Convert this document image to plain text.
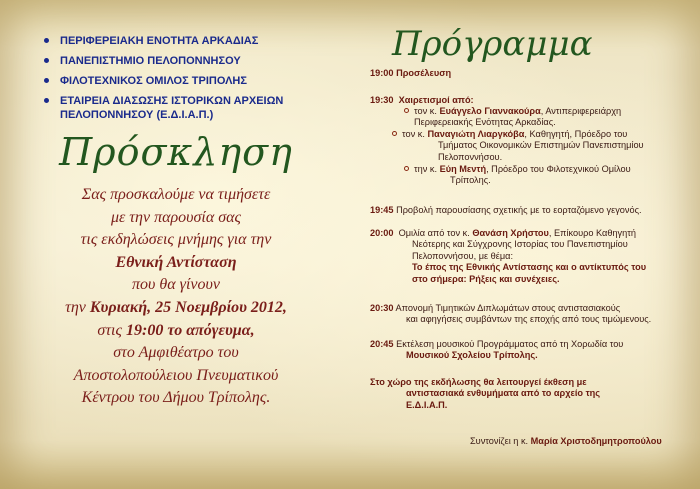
ΠΕΡΙΦΕΡΕΙΑΚΗ ΕΝΟΤΗΤΑ ΑΡΚΑΔΙΑΣ
ΠΑΝΕΠΙΣΤΗΜΙΟ ΠΕΛΟΠΟΝΝΗΣΟΥ
ΦΙΛΟΤΕΧΝΙΚΟΣ ΟΜΙΛΟΣ ΤΡΙΠΟΛΗΣ
ΕΤΑΙΡΕΙΑ ΔΙΑΣΩΣΗΣ ΙΣΤΟΡΙΚΩΝ ΑΡΧΕΙΩΝ
ΠΕΛΟΠΟΝΝΗΣΟΥ (Ε.Δ.Ι.Α.Π.)
Πρόσκληση
Σας προσκαλούμε να τιμήσετε
με την παρουσία σας
τις εκδηλώσεις μνήμης για την
Εθνική Αντίσταση
που θα γίνουν
την Κυριακή, 25 Νοεμβρίου 2012,
στις 19:00 το απόγευμα,
στο Αμφιθέατρο του
Αποστολοπούλειου Πνευματικού
Κέντρου του Δήμου Τρίπολης.
Πρόγραμμα
19:00 Προσέλευση
19:30 Χαιρετισμοί από:
τον κ. Ευάγγελο Γιαννακούρα, Αντιπεριφερειάρχη
Περιφερειακής Ενότητας Αρκαδίας.
τον κ. Παναγιώτη Λιαργκόβα, Καθηγητή, Πρόεδρο του
Τμήματος Οικονομικών Επιστημών Πανεπιστημίου
Πελοποννήσου.
την κ. Εύη Μεντή, Πρόεδρο του Φιλοτεχνικού Ομίλου
Τρίπολης.
19:45 Προβολή παρουσίασης σχετικής με το εορταζόμενο γεγονός.
20:00 Ομιλία από τον κ. Θανάση Χρήστου, Επίκουρο Καθηγητή
Νεότερης και Σύγχρονης Ιστορίας του Πανεπιστημίου
Πελοποννήσου, με θέμα:
Το έπος της Εθνικής Αντίστασης και ο αντίκτυπός του
στο σήμερα: Ρήξεις και συνέχειες.
20:30 Απονομή Τιμητικών Διπλωμάτων στους αντιστασιακούς
και αφηγήσεις συμβάντων της εποχής από τους τιμώμενους.
20:45 Εκτέλεση μουσικού Προγράμματος από τη Χορωδία του
Μουσικού Σχολείου Τρίπολης.
Στο χώρο της εκδήλωσης θα λειτουργεί έκθεση με
αντιστασιακά ενθυμήματα από το αρχείο της
Ε.Δ.Ι.Α.Π.
Συντονίζει η κ. Μαρία Χριστοδημητροπούλου
